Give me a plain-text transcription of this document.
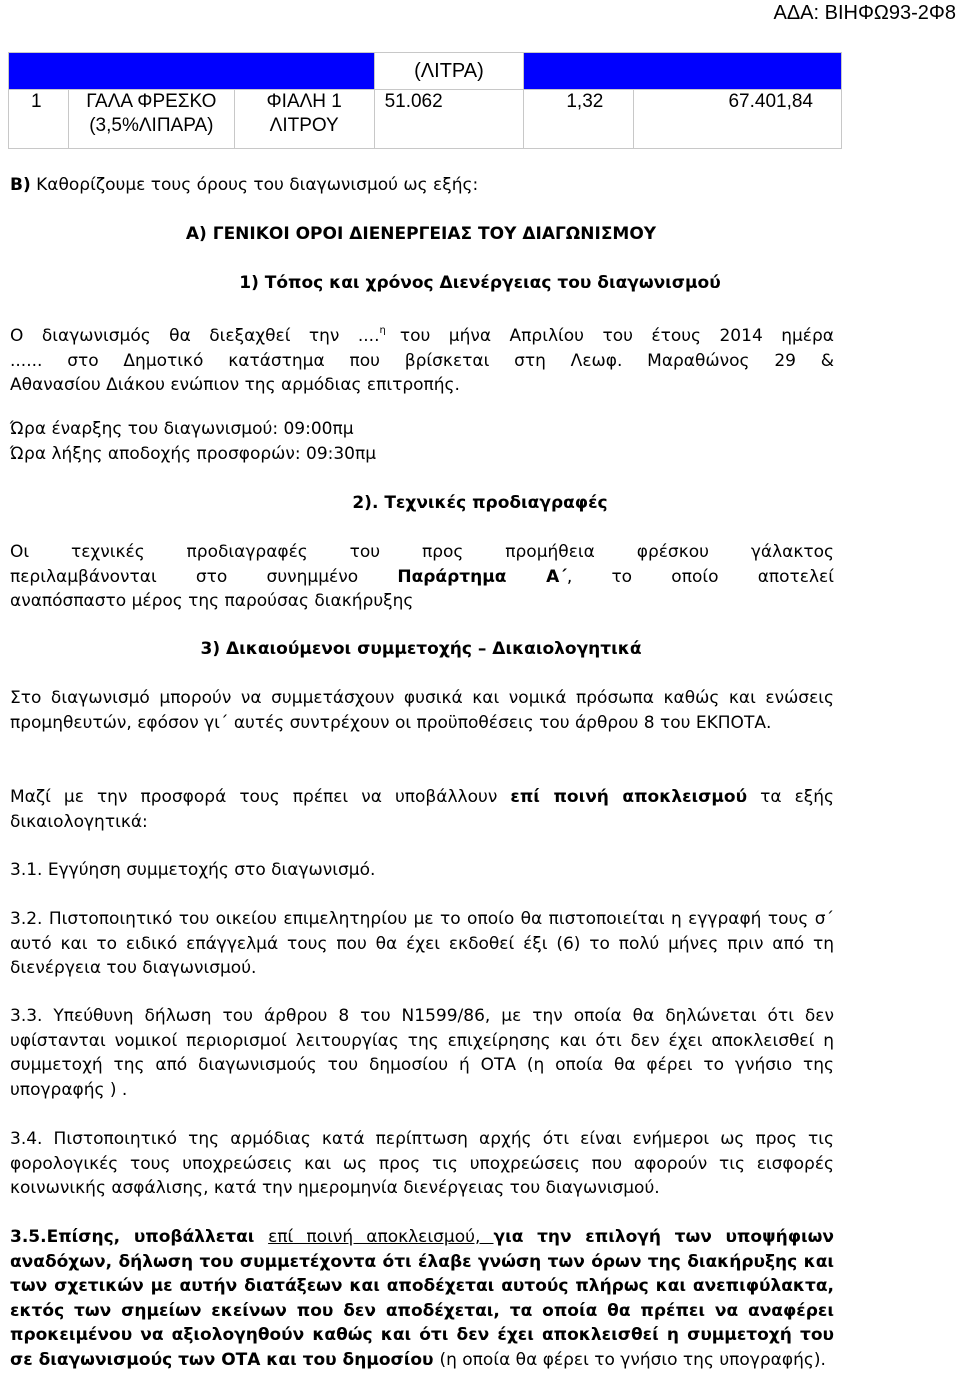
ΑΔΑ: ΒΙΗΦΩ93-2Φ8
			(ΛΙΤΡΑ)		
1	ΓΑΛΑ ΦΡΕΣΚΟ (3,5%ΛΙΠΑΡΑ)	ΦΙΑΛΗ 1 ΛΙΤΡΟΥ	51.062	1,32	67.401,84

B) Καθορίζουμε τους όρους του διαγωνισμού ως εξής:

Α) ΓΕΝΙΚΟΙ ΟΡΟΙ ΔΙΕΝΕΡΓΕΙΑΣ ΤΟΥ ΔΙΑΓΩΝΙΣΜΟΥ

1) Τόπος και χρόνος Διενέργειας του διαγωνισμού

Ο διαγωνισμός θα διεξαχθεί την ....$^\eta$ του μήνα Απριλίου του έτους 2014 ημέρα
...... στο Δημοτικό κατάστημα που βρίσκεται στη Λεωφ. Μαραθώνος 29 &
Αθανασίου Διάκου ενώπιον της αρμόδιας επιτροπής.
Ώρα έναρξης του διαγωνισμού: 09:00πμ
Ώρα λήξης αποδοχής προσφορών: 09:30πμ

2). Τεχνικές προδιαγραφές

Οι τεχνικές προδιαγραφές του προς προμήθεια φρέσκου γάλακτος
περιλαμβάνονται στο συνημμένο Παράρτημα Α΄, το οποίο αποτελεί
αναπόσπαστο μέρος της παρούσας διακήρυξης

3) Δικαιούμενοι συμμετοχής – Δικαιολογητικά

Στο διαγωνισμό μπορούν να συμμετάσχουν φυσικά και νομικά πρόσωπα καθώς και ενώσεις προμηθευτών, εφόσον γι΄ αυτές συντρέχουν οι προϋποθέσεις του άρθρου 8 του ΕΚΠΟΤΑ.

Μαζί με την προσφορά τους πρέπει να υποβάλλουν επί ποινή αποκλεισμού τα εξής δικαιολογητικά:

3.1. Εγγύηση συμμετοχής στο διαγωνισμό.

3.2. Πιστοποιητικό του οικείου επιμελητηρίου με το οποίο θα πιστοποιείται η εγγραφή τους σ΄ αυτό και το ειδικό επάγγελμά τους που θα έχει εκδοθεί έξι (6) το πολύ μήνες πριν από τη διενέργεια του διαγωνισμού.

3.3. Υπεύθυνη δήλωση του άρθρου 8 του Ν1599/86, με την οποία θα δηλώνεται ότι δεν υφίστανται νομικοί περιορισμοί λειτουργίας της επιχείρησης και ότι δεν έχει αποκλεισθεί η συμμετοχή της από διαγωνισμούς του δημοσίου ή ΟΤΑ (η οποία θα φέρει το γνήσιο της υπογραφής ) .

3.4. Πιστοποιητικό της αρμόδιας κατά περίπτωση αρχής ότι είναι ενήμεροι ως προς τις φορολογικές τους υποχρεώσεις και ως προς τις υποχρεώσεις που αφορούν τις εισφορές κοινωνικής ασφάλισης, κατά την ημερομηνία διενέργειας του διαγωνισμού.

3.5.Επίσης, υποβάλλεται επί ποινή αποκλεισμού, για την επιλογή των υποψήφιων αναδόχων, δήλωση του συμμετέχοντα ότι έλαβε γνώση των όρων της διακήρυξης και των σχετικών με αυτήν διατάξεων και αποδέχεται αυτούς πλήρως και ανεπιφύλακτα, εκτός των σημείων εκείνων που δεν αποδέχεται, τα οποία θα πρέπει να αναφέρει προκειμένου να αξιολογηθούν καθώς και ότι δεν έχει αποκλεισθεί η συμμετοχή του σε διαγωνισμούς των ΟΤΑ και του δημοσίου (η οποία θα φέρει το γνήσιο της υπογραφής).
